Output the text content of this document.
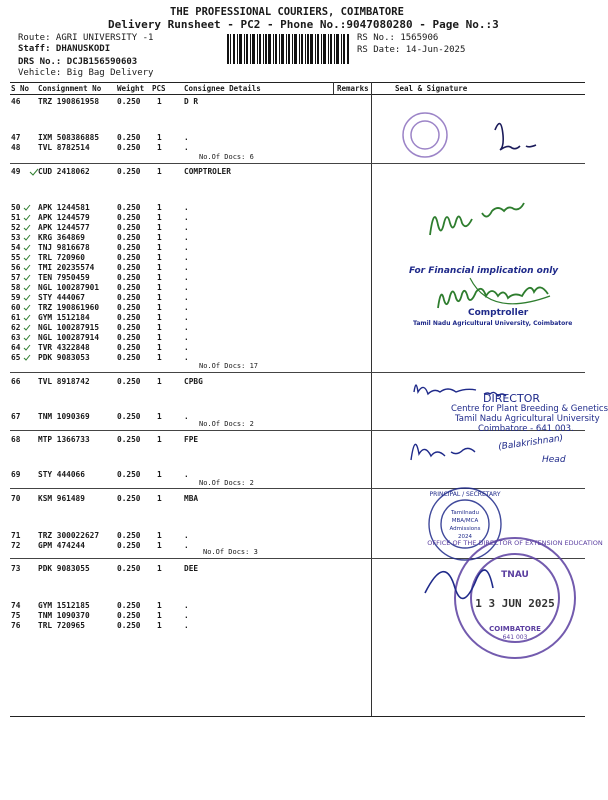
THE PROFESSIONAL COURIERS, COIMBATORE
Delivery Runsheet - PC2 - Phone No.:9047080280 - Page No.:3
Route: AGRI UNIVERSITY -1
Staff: DHANUSKODI
DRS No.: DCJB156590603
Vehicle: Big Bag Delivery
RS No.: 1565906
RS Date: 14-Jun-2025
S No Consignment No Weight PCS Consignee Details	Remarks	Seal & Signature
46 TRZ 190861958 0.250 1	D R
47 IXM 508386885 0.250 1	.
48 TVL 8782514	0.250 1	.
No.Of Docs: 6
49 CUD 2418062	0.250 1	COMPTROLER
50 APK 1244581	0.250 1	.
51 APK 1244579	0.250 1	.
52 APK 1244577	0.250 1	.
53 KRG 364869	0.250 1	.
54 TNJ 9816678	0.250 1	.
55 TRL 720960	0.250 1	.
56 TMI 20235574	0.250 1	.
57 TEN 7950459	0.250 1	.
58 NGL 100287901 0.250 1	.
59 STY 444067	0.250 1	.
60 TRZ 190861960 0.250 1	.
61 GYM 1512184	0.250 1	.
62 NGL 100287915 0.250 1	.
63 NGL 100287914 0.250 1	.
64 TVR 4322848	0.250 1	.
65 PDK 9083053	0.250 1	.
No.Of Docs: 17
66 TVL 8918742	0.250 1	CPBG
67 TNM 1090369	0.250 1	.
No.Of Docs: 2
68 MTP 1366733	0.250 1	FPE
69 STY 444066	0.250 1	.
No.Of Docs: 2
70 KSM 961489	0.250 1	MBA
71 TRZ 300022627 0.250 1	.
72 GPM 474244	0.250 1	.
No.Of Docs: 3
73 PDK 9083055	0.250 1	DEE
74 GYM 1512185	0.250 1	.
75 TNM 1090370	0.250 1	.
76 TRL 720965	0.250 1	.
For Financial implication only
Comptroller
Tamil Nadu Agricultural University, Coimbatore
DIRECTOR
Centre for Plant Breeding & Genetics
Tamil Nadu Agricultural University
Coimbatore - 641 003.
(Balakrishnan)
Head
PRINCIPAL / SECRETARY
Tamilnadu
MBA/MCA
Admissions
2024
OFFICE OF THE DIRECTOR OF EXTENSION EDUCATION
TNAU
1 3 JUN 2025
COIMBATORE
641 003
